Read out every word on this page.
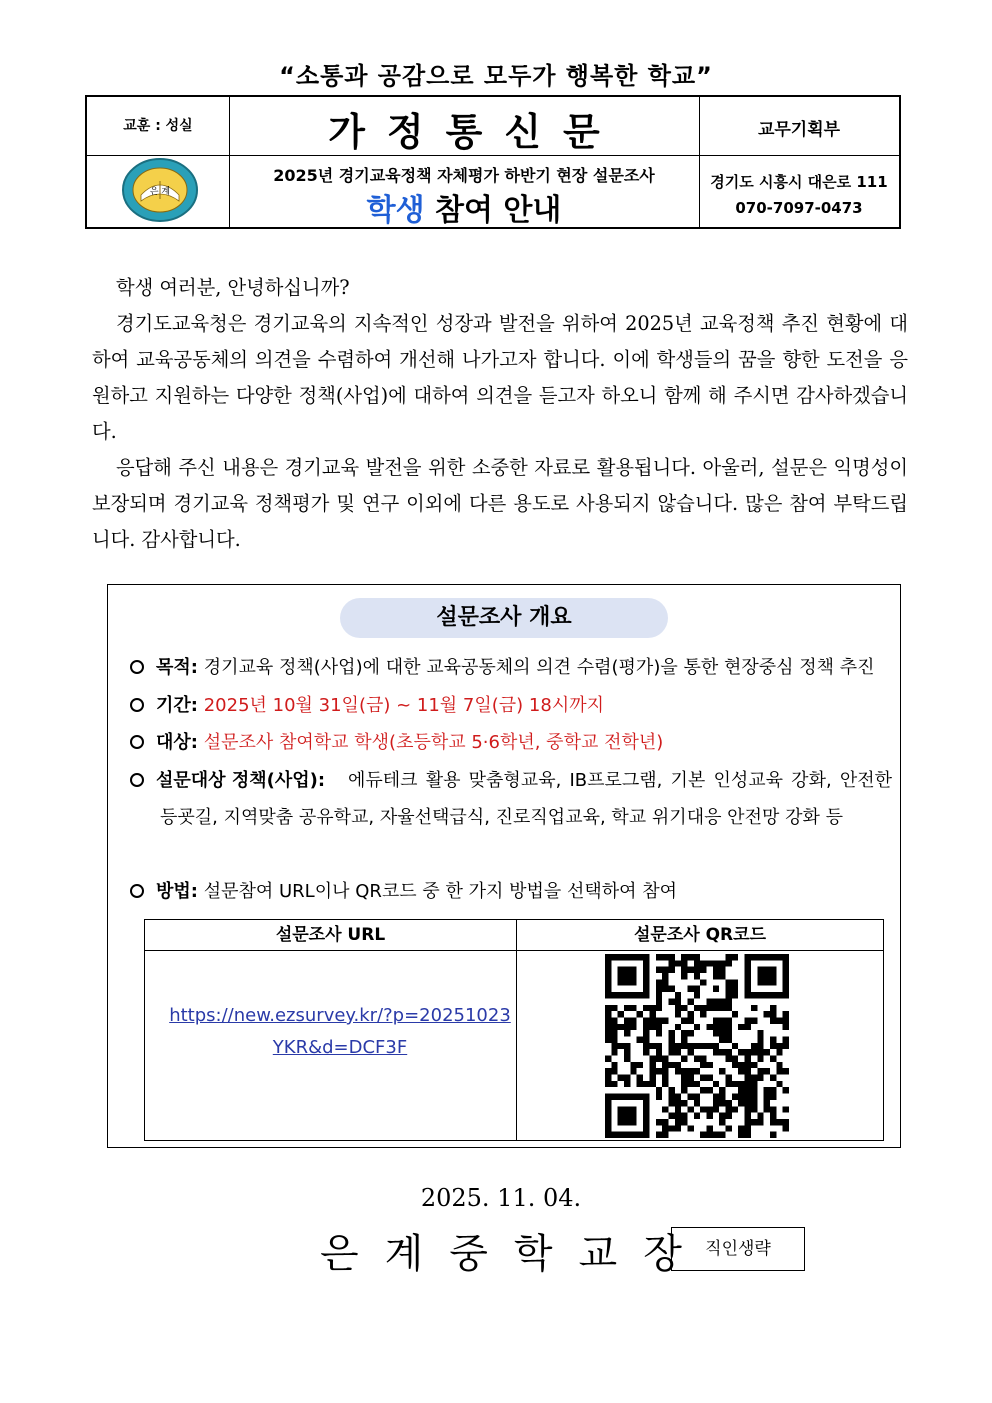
“소통과 공감으로 모두가 행복한 학교”
교훈 : 성실
은 계
가정통신문
2025년 경기교육정책 자체평가 하반기 현장 설문조사
학생 참여 안내
교무기획부
경기도 시흥시 대은로 111
070-7097-0473

학생 여러분, 안녕하십니까?

경기도교육청은 경기교육의 지속적인 성장과 발전을 위하여 2025년 교육정책 추진 현황에 대하여 교육공동체의 의견을 수렴하여 개선해 나가고자 합니다. 이에 학생들의 꿈을 향한 도전을 응원하고 지원하는 다양한 정책(사업)에 대하여 의견을 듣고자 하오니 함께 해 주시면 감사하겠습니다.

응답해 주신 내용은 경기교육 발전을 위한 소중한 자료로 활용됩니다. 아울러, 설문은 익명성이 보장되며 경기교육 정책평가 및 연구 이외에 다른 용도로 사용되지 않습니다. 많은 참여 부탁드립니다. 감사합니다.

설문조사 개요
목적: 경기교육 정책(사업)에 대한 교육공동체의 의견 수렴(평가)을 통한 현장중심 정책 추진
기간: 2025년 10월 31일(금) ~ 11월 7일(금) 18시까지
대상: 설문조사 참여학교 학생(초등학교 5·6학년, 중학교 전학년)
설문대상 정책(사업):	에듀테크 활용 맞춤형교육, IB프로그램, 기본 인성교육 강화, 안전한 등굣길, 지역맞춤 공유학교, 자율선택급식, 진로직업교육, 학교 위기대응 안전망 강화 등
방법: 설문참여 URL이나 QR코드 중 한 가지 방법을 선택하여 참여
설문조사 URL	설문조사 QR코드
https://new.ezsurvey.kr/?p=20251023YKR&d=DCF3F
2025. 11. 04.
은계중학교장
직인생략
